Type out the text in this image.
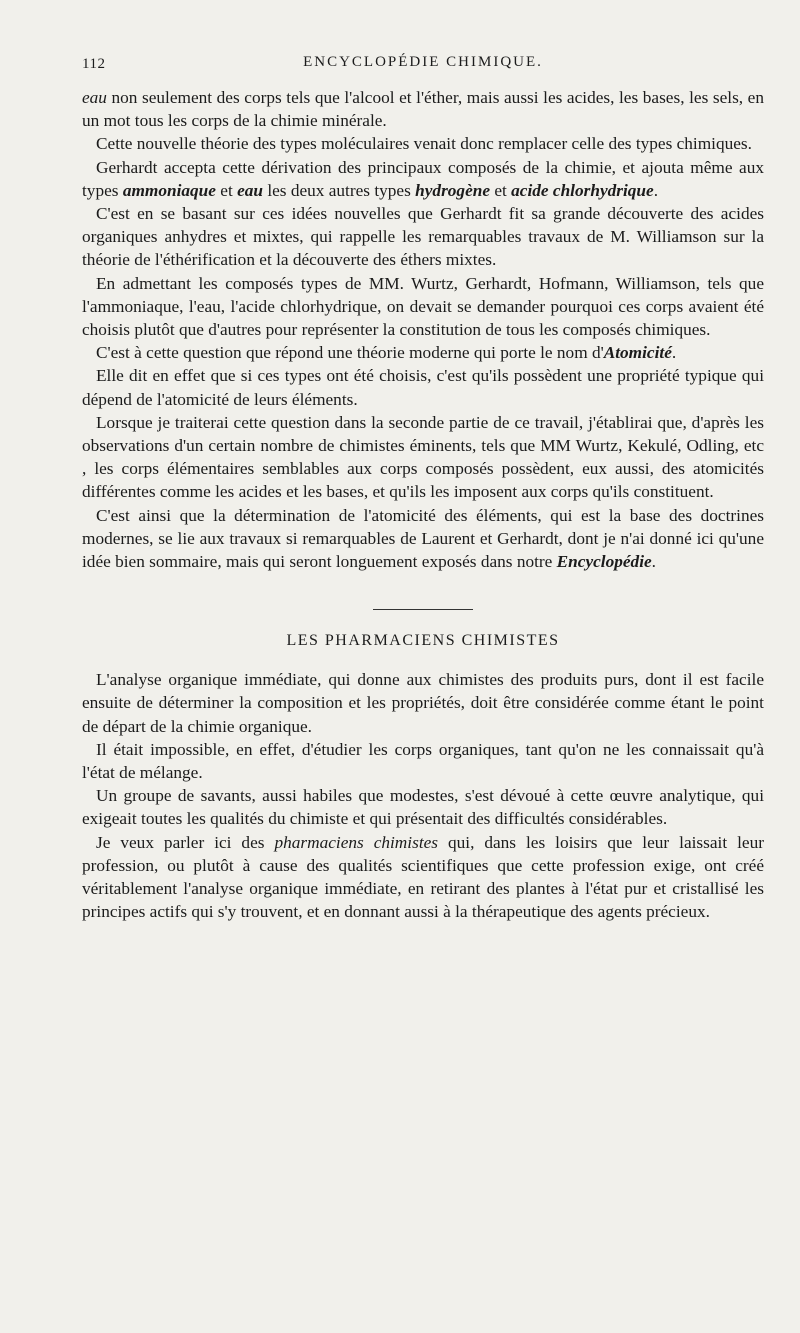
112	ENCYCLOPÉDIE CHIMIQUE.

eau non seulement des corps tels que l'alcool et l'éther, mais aussi les acides, les bases, les sels, en un mot tous les corps de la chimie minérale.

Cette nouvelle théorie des types moléculaires venait donc remplacer celle des types chimiques.

Gerhardt accepta cette dérivation des principaux composés de la chimie, et ajouta même aux types ammoniaque et eau les deux autres types hydrogène et acide chlorhydrique.

C'est en se basant sur ces idées nouvelles que Gerhardt fit sa grande découverte des acides organiques anhydres et mixtes, qui rappelle les remarquables travaux de M. Williamson sur la théorie de l'éthérification et la découverte des éthers mixtes.

En admettant les composés types de MM. Wurtz, Gerhardt, Hofmann, Williamson, tels que l'ammoniaque, l'eau, l'acide chlorhydrique, on devait se demander pourquoi ces corps avaient été choisis plutôt que d'autres pour représenter la constitution de tous les composés chimiques.

C'est à cette question que répond une théorie moderne qui porte le nom d'Atomicité.

Elle dit en effet que si ces types ont été choisis, c'est qu'ils possèdent une propriété typique qui dépend de l'atomicité de leurs éléments.

Lorsque je traiterai cette question dans la seconde partie de ce travail, j'établirai que, d'après les observations d'un certain nombre de chimistes éminents, tels que MM Wurtz, Kekulé, Odling, etc , les corps élémentaires semblables aux corps composés possèdent, eux aussi, des atomicités différentes comme les acides et les bases, et qu'ils les imposent aux corps qu'ils constituent.

C'est ainsi que la détermination de l'atomicité des éléments, qui est la base des doctrines modernes, se lie aux travaux si remarquables de Laurent et Gerhardt, dont je n'ai donné ici qu'une idée bien sommaire, mais qui seront longuement exposés dans notre Encyclopédie.

LES PHARMACIENS CHIMISTES

L'analyse organique immédiate, qui donne aux chimistes des produits purs, dont il est facile ensuite de déterminer la composition et les propriétés, doit être considérée comme étant le point de départ de la chimie organique.

Il était impossible, en effet, d'étudier les corps organiques, tant qu'on ne les connaissait qu'à l'état de mélange.

Un groupe de savants, aussi habiles que modestes, s'est dévoué à cette œuvre analytique, qui exigeait toutes les qualités du chimiste et qui présentait des difficultés considérables.

Je veux parler ici des pharmaciens chimistes qui, dans les loisirs que leur laissait leur profession, ou plutôt à cause des qualités scientifiques que cette profession exige, ont créé véritablement l'analyse organique immédiate, en retirant des plantes à l'état pur et cristallisé les principes actifs qui s'y trouvent, et en donnant aussi à la thérapeutique des agents précieux.
